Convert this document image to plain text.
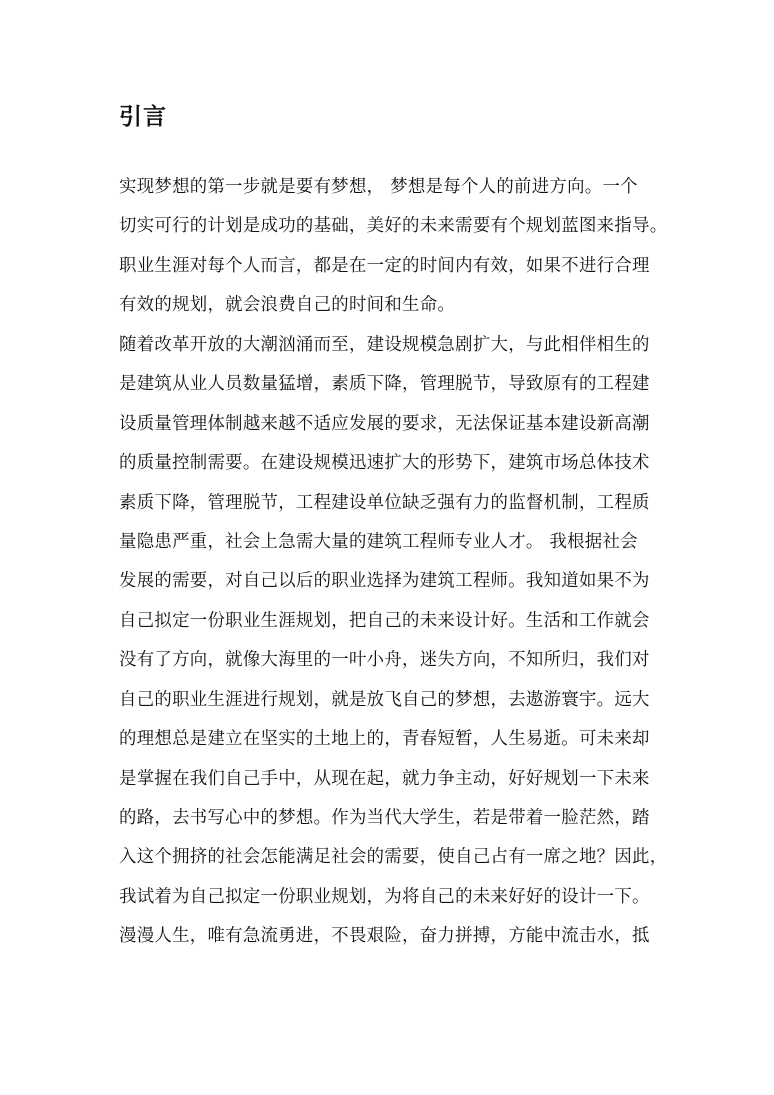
引言
实现梦想的第一步就是要有梦想， 梦想是每个人的前进方向。一个
切实可行的计划是成功的基础，美好的未来需要有个规划蓝图来指导。
职业生涯对每个人而言，都是在一定的时间内有效，如果不进行合理
有效的规划，就会浪费自己的时间和生命。
随着改革开放的大潮汹涌而至，建设规模急剧扩大，与此相伴相生的
是建筑从业人员数量猛增，素质下降，管理脱节，导致原有的工程建
设质量管理体制越来越不适应发展的要求，无法保证基本建设新高潮
的质量控制需要。在建设规模迅速扩大的形势下，建筑市场总体技术
素质下降，管理脱节，工程建设单位缺乏强有力的监督机制，工程质
量隐患严重，社会上急需大量的建筑工程师专业人才。 我根据社会
发展的需要，对自己以后的职业选择为建筑工程师。我知道如果不为
自己拟定一份职业生涯规划，把自己的未来设计好。生活和工作就会
没有了方向，就像大海里的一叶小舟，迷失方向，不知所归，我们对
自己的职业生涯进行规划，就是放飞自己的梦想，去遨游寰宇。远大
的理想总是建立在坚实的土地上的，青春短暂，人生易逝。可未来却
是掌握在我们自己手中，从现在起，就力争主动，好好规划一下未来
的路，去书写心中的梦想。作为当代大学生，若是带着一脸茫然，踏
入这个拥挤的社会怎能满足社会的需要，使自己占有一席之地？因此，
我试着为自己拟定一份职业规划，为将自己的未来好好的设计一下。
漫漫人生，唯有急流勇进，不畏艰险，奋力拼搏，方能中流击水，抵
